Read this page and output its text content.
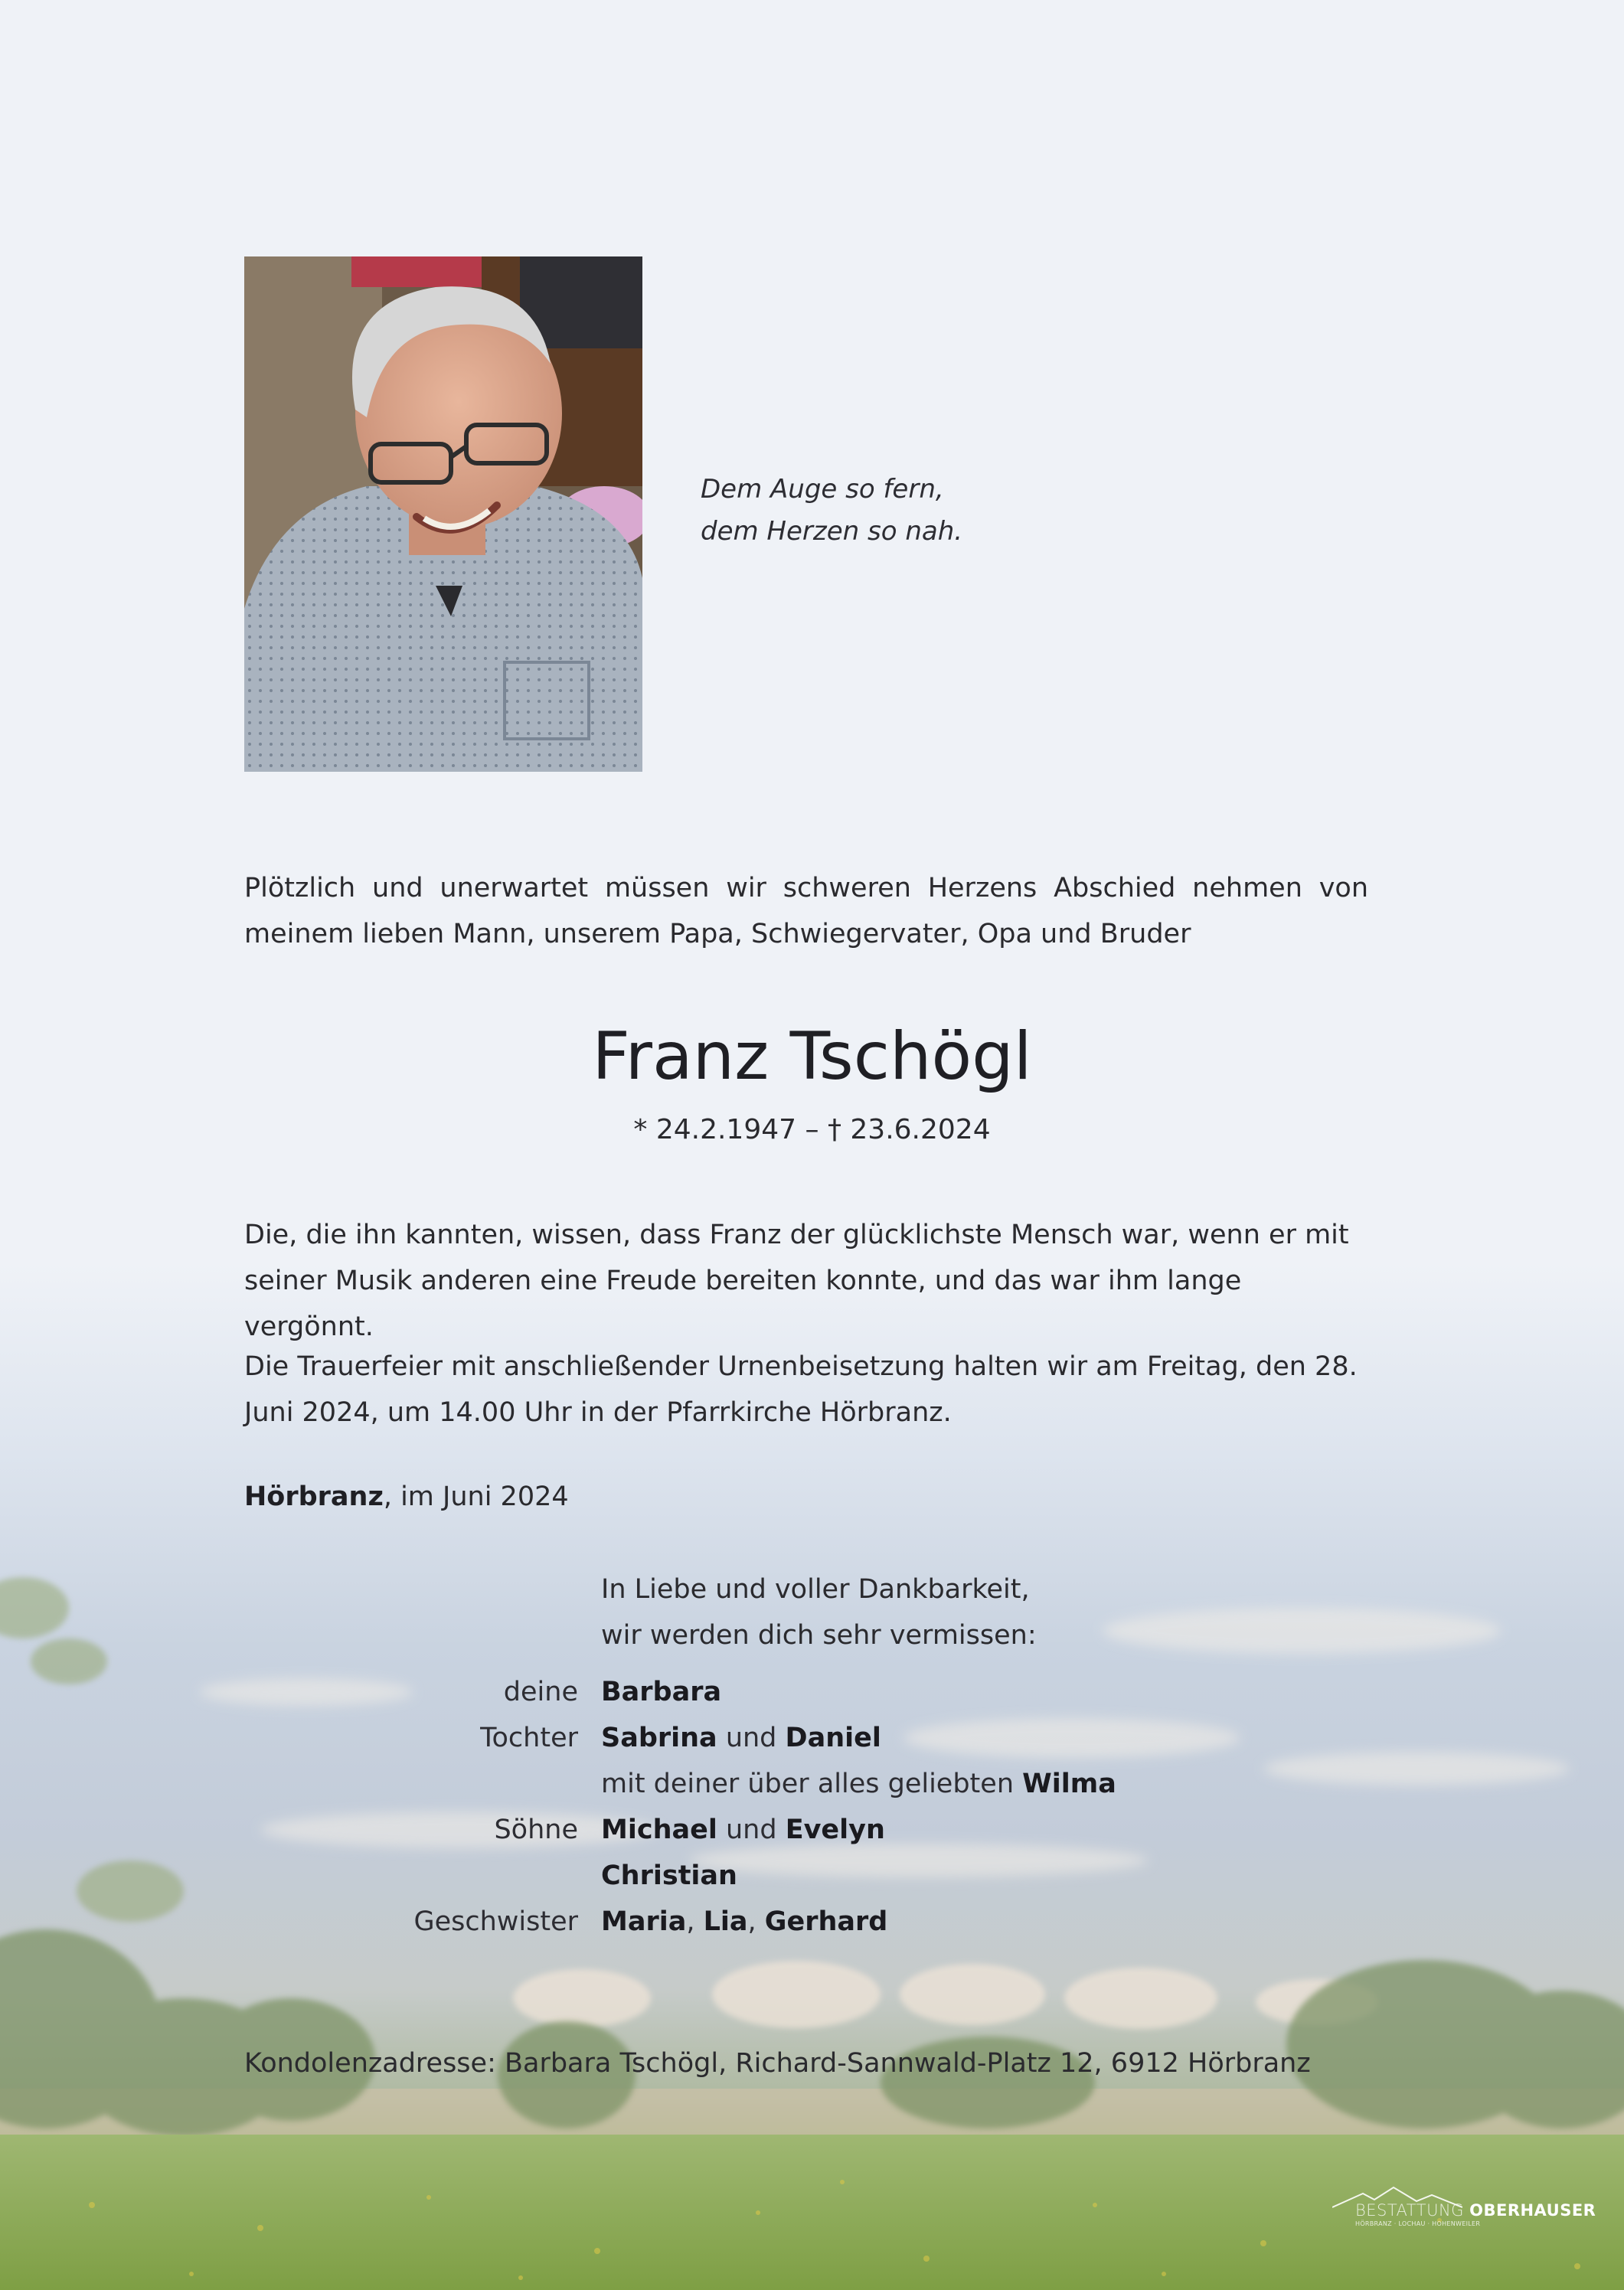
Dem Auge so fern,
dem Herzen so nah.
Plötzlich und unerwartet müssen wir schweren Herzens Abschied nehmen von meinem lieben Mann, unserem Papa, Schwiegervater, Opa und Bruder
Franz Tschögl
* 24.2.1947 – † 23.6.2024
Die, die ihn kannten, wissen, dass Franz der glücklichste Mensch war, wenn er mit seiner Musik anderen eine Freude bereiten konnte, und das war ihm lange vergönnt.
Die Trauerfeier mit anschließender Urnenbeisetzung halten wir am Freitag, den 28. Juni 2024, um 14.00 Uhr in der Pfarrkirche Hörbranz.
Hörbranz, im Juni 2024
In Liebe und voller Dankbarkeit,
wir werden dich sehr vermissen:
deine Barbara
Tochter Sabrina und Daniel
mit deiner über alles geliebten Wilma
Söhne Michael und Evelyn
Christian
Geschwister Maria, Lia, Gerhard
Kondolenzadresse: Barbara Tschögl, Richard-Sannwald-Platz 12, 6912 Hörbranz
BESTATTUNG OBERHAUSER
HÖRBRANZ · LOCHAU · HOHENWEILER
